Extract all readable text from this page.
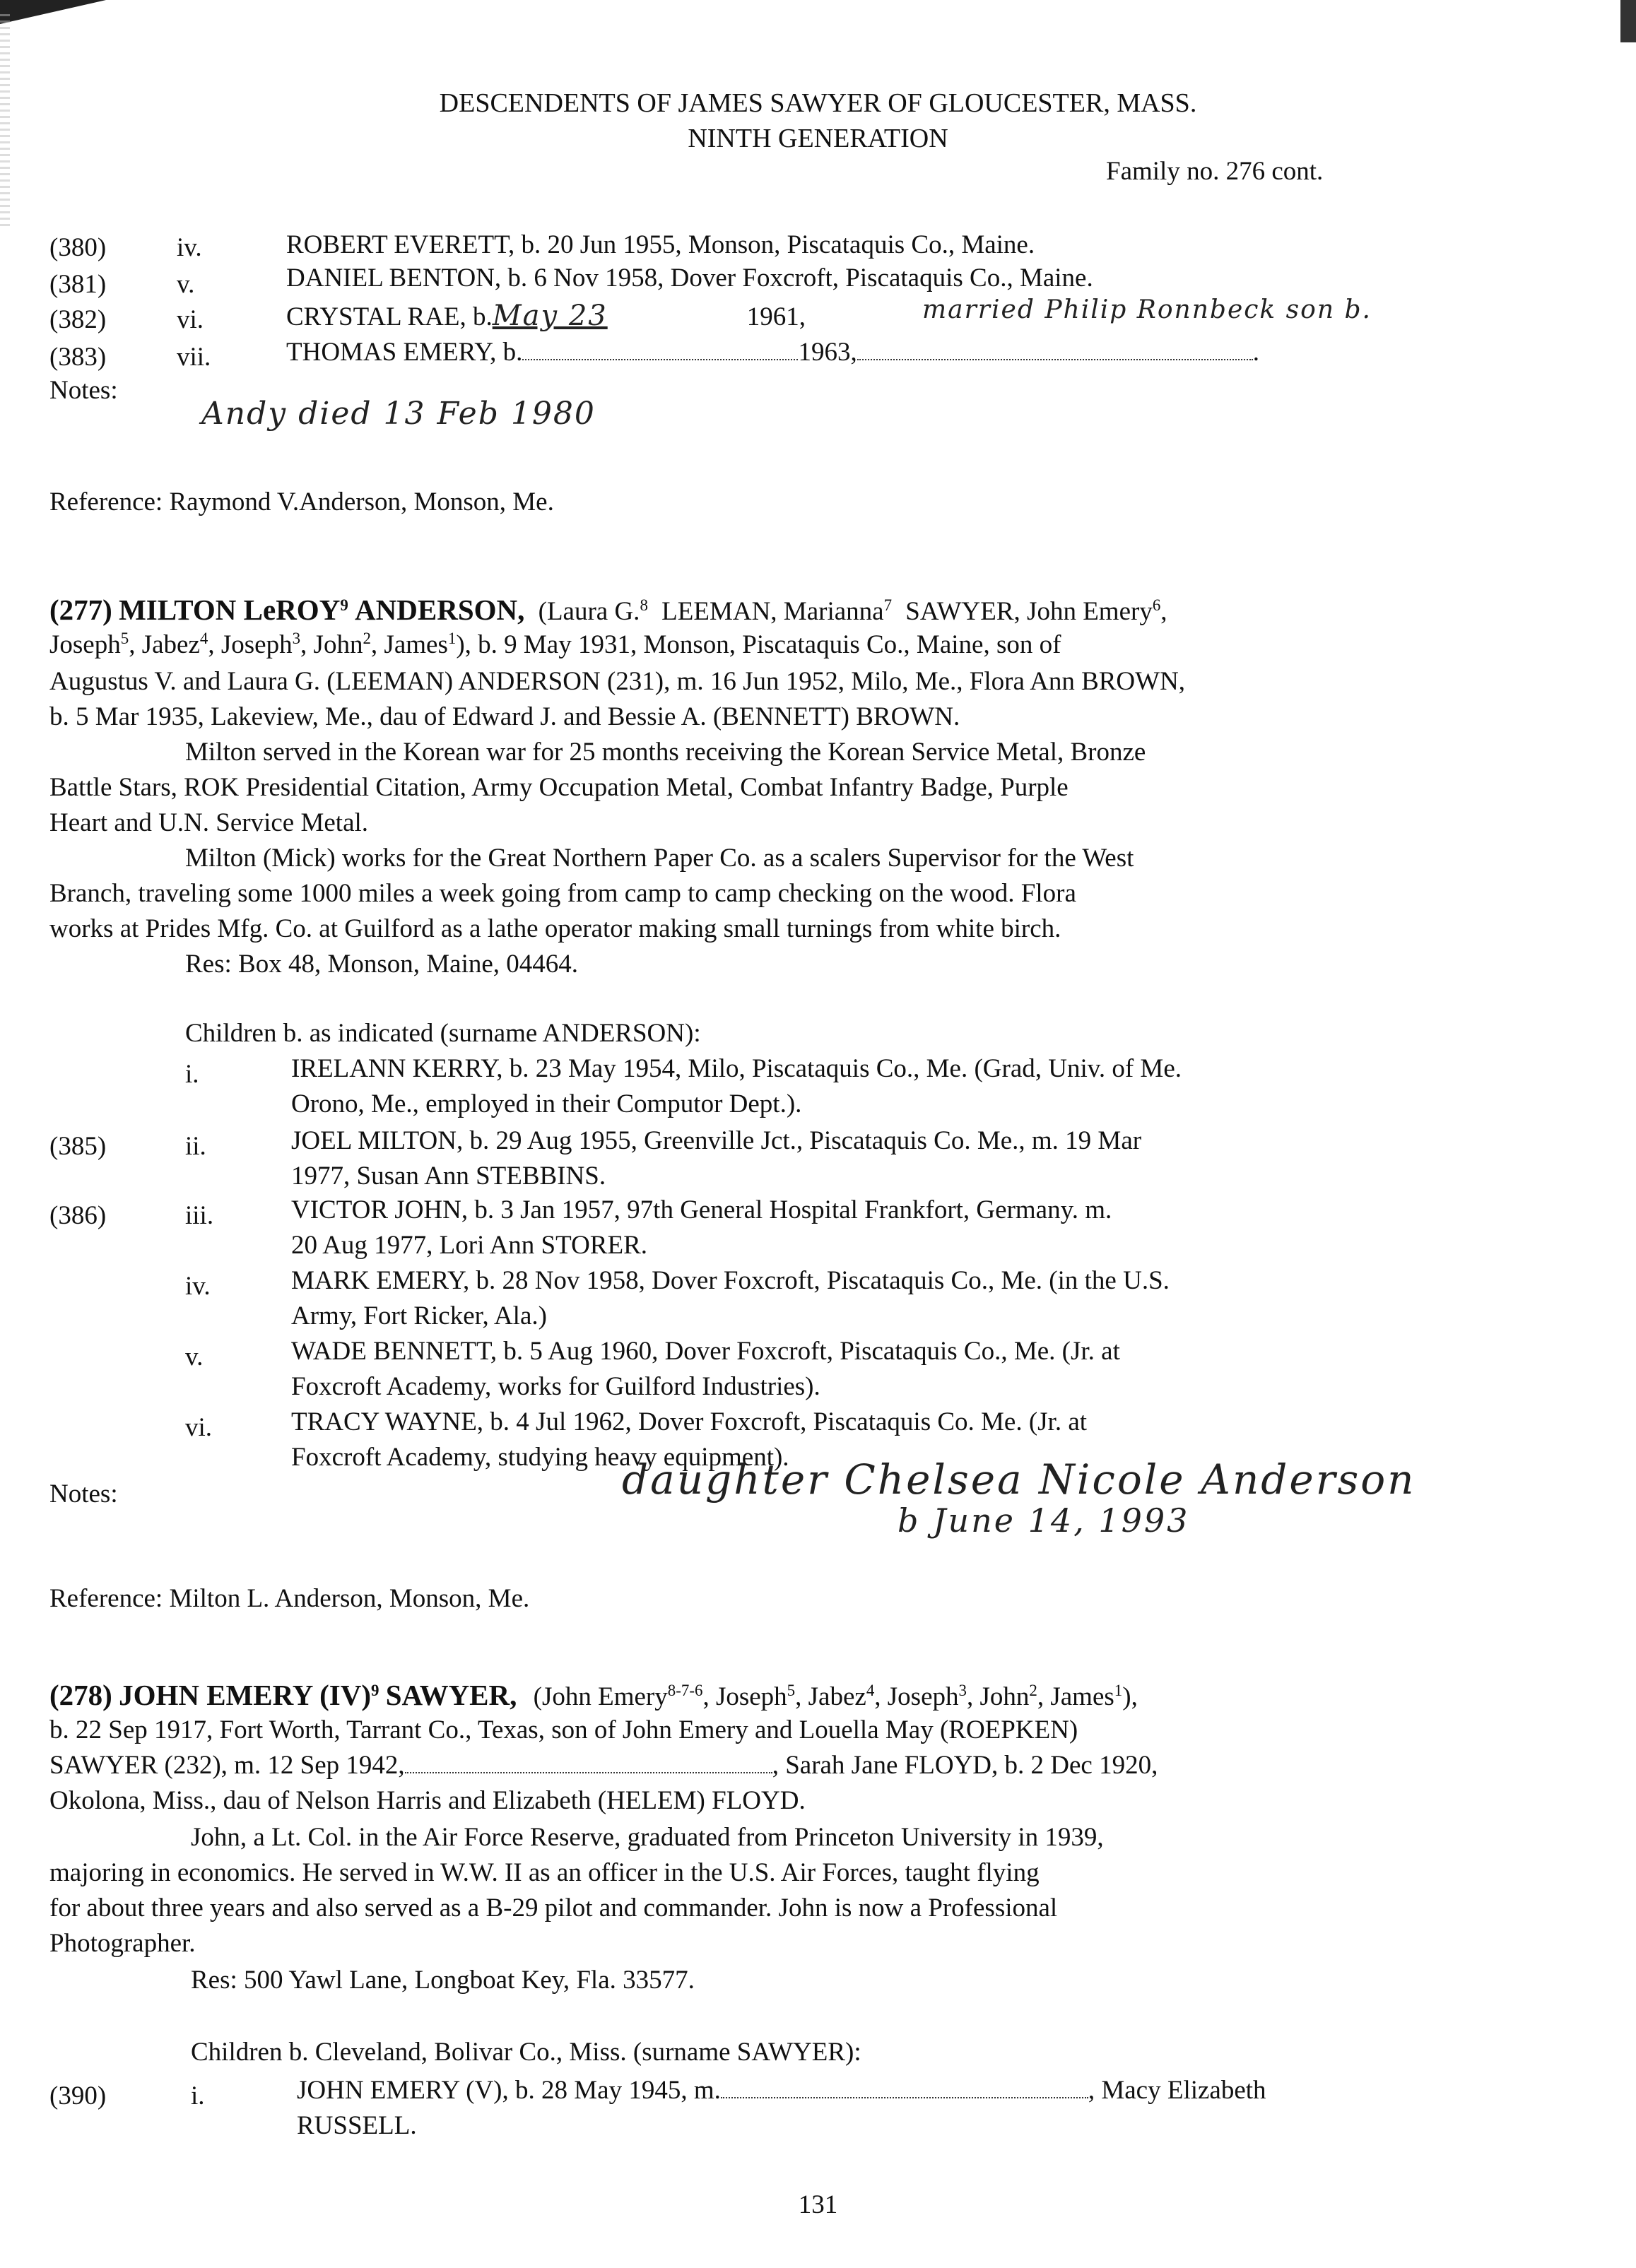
DESCENDENTS OF JAMES SAWYER OF GLOUCESTER, MASS.
NINTH GENERATION
Family no. 276 cont.
(380)	iv.	ROBERT EVERETT, b. 20 Jun 1955, Monson, Piscataquis Co., Maine.
(381)	v.	DANIEL BENTON, b. 6 Nov 1958, Dover Foxcroft, Piscataquis Co., Maine.
(382)	vi.	CRYSTAL RAE, b.May 23	1961,	married Philip Ronnbeck son b.
(383)	vii.	THOMAS EMERY, b.	1963,	.
Notes:
Andy died 13 Feb 1980
Reference: Raymond V.Anderson, Monson, Me.
(277) MILTON LeROY$^9$ ANDERSON, (Laura G.$^8$ LEEMAN, Marianna$^7$ SAWYER, John Emery$^6$,
Joseph$^5$, Jabez$^4$, Joseph$^3$, John$^2$, James$^1$), b. 9 May 1931, Monson, Piscataquis Co., Maine, son of
Augustus V. and Laura G. (LEEMAN) ANDERSON (231), m. 16 Jun 1952, Milo, Me., Flora Ann BROWN,
b. 5 Mar 1935, Lakeview, Me., dau of Edward J. and Bessie A. (BENNETT) BROWN.
Milton served in the Korean war for 25 months receiving the Korean Service Metal, Bronze
Battle Stars, ROK Presidential Citation, Army Occupation Metal, Combat Infantry Badge, Purple
Heart and U.N. Service Metal.
Milton (Mick) works for the Great Northern Paper Co. as a scalers Supervisor for the West
Branch, traveling some 1000 miles a week going from camp to camp checking on the wood. Flora
works at Prides Mfg. Co. at Guilford as a lathe operator making small turnings from white birch.
Res: Box 48, Monson, Maine, 04464.
Children b. as indicated (surname ANDERSON):
i.	IRELANN KERRY, b. 23 May 1954, Milo, Piscataquis Co., Me. (Grad, Univ. of Me.
Orono, Me., employed in their Computor Dept.).
(385)	ii.	JOEL MILTON, b. 29 Aug 1955, Greenville Jct., Piscataquis Co. Me., m. 19 Mar
1977, Susan Ann STEBBINS.
(386)	iii.	VICTOR JOHN, b. 3 Jan 1957, 97th General Hospital Frankfort, Germany. m.
20 Aug 1977, Lori Ann STORER.
iv.	MARK EMERY, b. 28 Nov 1958, Dover Foxcroft, Piscataquis Co., Me. (in the U.S.
Army, Fort Ricker, Ala.)
v.	WADE BENNETT, b. 5 Aug 1960, Dover Foxcroft, Piscataquis Co., Me. (Jr. at
Foxcroft Academy, works for Guilford Industries).
vi.	TRACY WAYNE, b. 4 Jul 1962, Dover Foxcroft, Piscataquis Co. Me. (Jr. at
Foxcroft Academy, studying heavy equipment).
Notes:	daughter Chelsea Nicole Anderson
b June 14, 1993
Reference: Milton L. Anderson, Monson, Me.
(278) JOHN EMERY (IV)$^9$ SAWYER, (John Emery$^{8-7-6}$, Joseph$^5$, Jabez$^4$, Joseph$^3$, John$^2$, James$^1$),
b. 22 Sep 1917, Fort Worth, Tarrant Co., Texas, son of John Emery and Louella May (ROEPKEN)
SAWYER (232), m. 12 Sep 1942,	, Sarah Jane FLOYD, b. 2 Dec 1920,
Okolona, Miss., dau of Nelson Harris and Elizabeth (HELEM) FLOYD.
John, a Lt. Col. in the Air Force Reserve, graduated from Princeton University in 1939,
majoring in economics. He served in W.W. II as an officer in the U.S. Air Forces, taught flying
for about three years and also served as a B-29 pilot and commander. John is now a Professional
Photographer.
Res: 500 Yawl Lane, Longboat Key, Fla. 33577.
Children b. Cleveland, Bolivar Co., Miss. (surname SAWYER):
(390)	i.	JOHN EMERY (V), b. 28 May 1945, m.	, Macy Elizabeth
RUSSELL.
131
